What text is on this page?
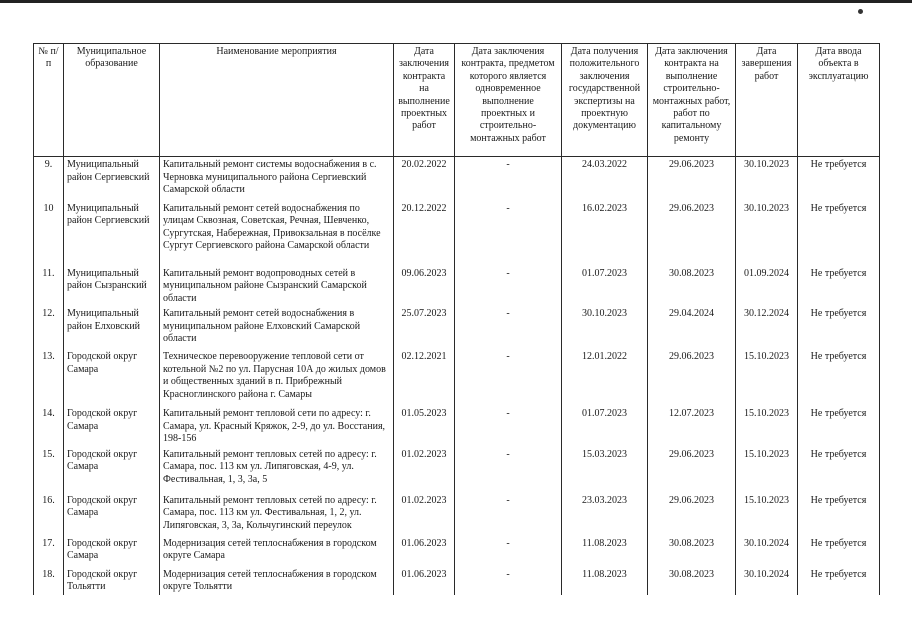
№ п/п	Муниципальное образование	Наименование мероприятия	Дата заключения контракта на выполнение проектных работ	Дата заключения контракта, предметом которого является одновременное выполнение проектных и строительно-монтажных работ	Дата получения положительного заключения государственной экспертизы на проектную документацию	Дата заключения контракта на выполнение строительно-монтажных работ, работ по капитальному ремонту	Дата завершения работ	Дата ввода объекта в эксплуатацию
9.	Муниципальный район Сергиевский	Капитальный ремонт системы водоснабжения в с. Черновка муниципального района Сергиевский Самарской области	20.02.2022	-	24.03.2022	29.06.2023	30.10.2023	Не требуется
10	Муниципальный район Сергиевский	Капитальный ремонт сетей водоснабжения по улицам Сквозная, Советская, Речная, Шевченко, Сургутская, Набережная, Привокзальная в посёлке Сургут Сергиевского района Самарской области	20.12.2022	-	16.02.2023	29.06.2023	30.10.2023	Не требуется
11.	Муниципальный район Сызранский	Капитальный ремонт водопроводных сетей в муниципальном районе Сызранский Самарской области	09.06.2023	-	01.07.2023	30.08.2023	01.09.2024	Не требуется
12.	Муниципальный район Елховский	Капитальный ремонт сетей водоснабжения в муниципальном районе Елховский Самарской области	25.07.2023	-	30.10.2023	29.04.2024	30.12.2024	Не требуется
13.	Городской округ Самара	Техническое перевооружение тепловой сети от котельной №2 по ул. Парусная 10А до жилых домов и общественных зданий в п. Прибрежный Красноглинского района г. Самары	02.12.2021	-	12.01.2022	29.06.2023	15.10.2023	Не требуется
14.	Городской округ Самара	Капитальный ремонт тепловой сети по адресу: г. Самара, ул. Красный Кряжок, 2-9, до ул. Восстания, 198-156	01.05.2023	-	01.07.2023	12.07.2023	15.10.2023	Не требуется
15.	Городской округ Самара	Капитальный ремонт тепловых сетей по адресу: г. Самара, пос. 113 км ул. Липяговская, 4-9, ул. Фестивальная, 1, 3, 3а, 5	01.02.2023	-	15.03.2023	29.06.2023	15.10.2023	Не требуется
16.	Городской округ Самара	Капитальный ремонт тепловых сетей по адресу: г. Самара, пос. 113 км ул. Фестивальная, 1, 2, ул. Липяговская, 3, 3а, Кольчугинский переулок	01.02.2023	-	23.03.2023	29.06.2023	15.10.2023	Не требуется
17.	Городской округ Самара	Модернизация сетей теплоснабжения в городском округе Самара	01.06.2023	-	11.08.2023	30.08.2023	30.10.2024	Не требуется
18.	Городской округ Тольятти	Модернизация сетей теплоснабжения в городском округе Тольятти	01.06.2023	-	11.08.2023	30.08.2023	30.10.2024	Не требуется
